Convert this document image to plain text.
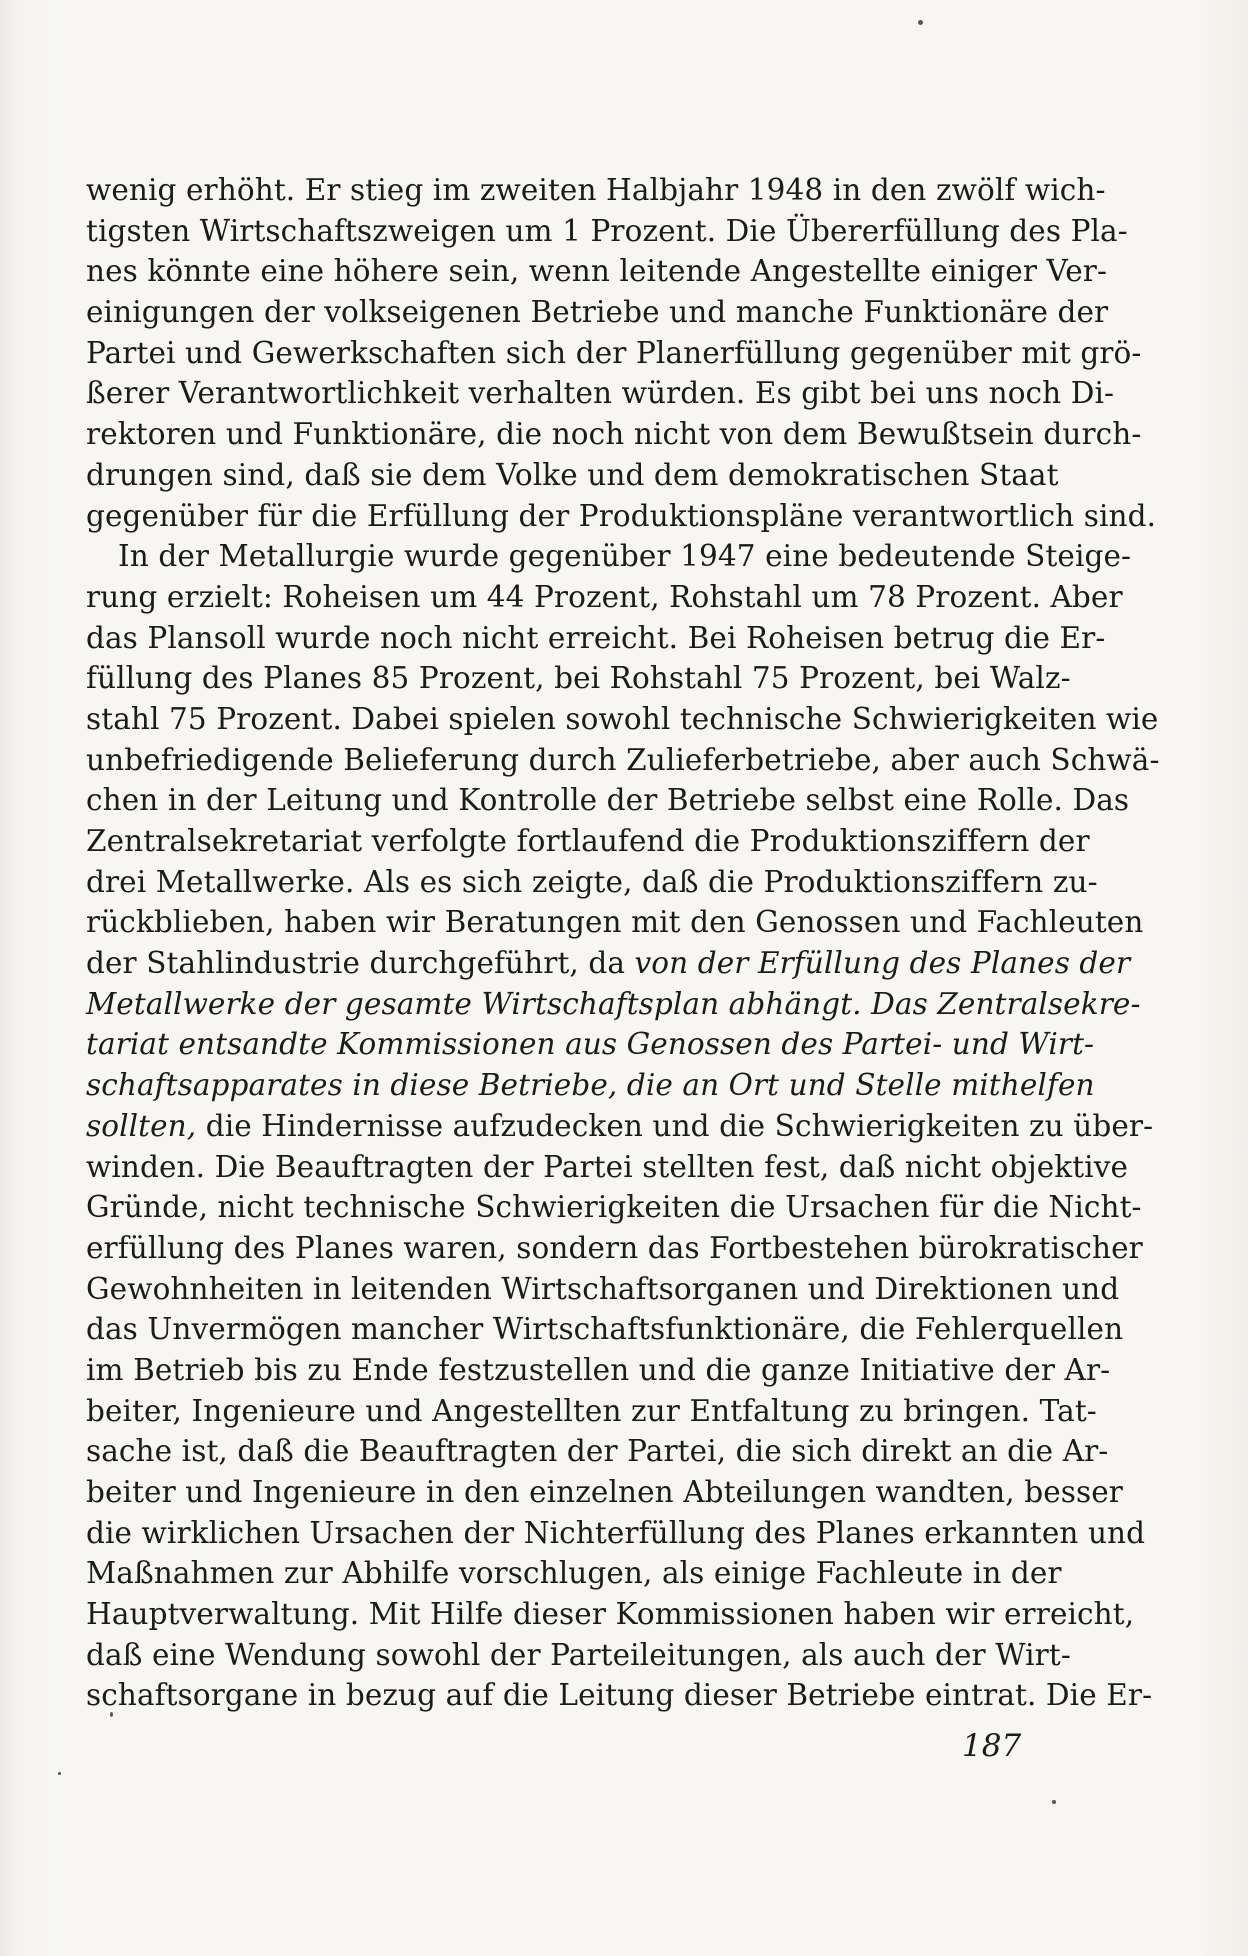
wenig erhöht. Er stieg im zweiten Halbjahr 1948 in den zwölf wich-
tigsten Wirtschaftszweigen um 1 Prozent. Die Übererfüllung des Pla-
nes könnte eine höhere sein, wenn leitende Angestellte einiger Ver-
einigungen der volkseigenen Betriebe und manche Funktionäre der
Partei und Gewerkschaften sich der Planerfüllung gegenüber mit grö-
ßerer Verantwortlichkeit verhalten würden. Es gibt bei uns noch Di-
rektoren und Funktionäre, die noch nicht von dem Bewußtsein durch-
drungen sind, daß sie dem Volke und dem demokratischen Staat
gegenüber für die Erfüllung der Produktionspläne verantwortlich sind.
In der Metallurgie wurde gegenüber 1947 eine bedeutende Steige-
rung erzielt: Roheisen um 44 Prozent, Rohstahl um 78 Prozent. Aber
das Plansoll wurde noch nicht erreicht. Bei Roheisen betrug die Er-
füllung des Planes 85 Prozent, bei Rohstahl 75 Prozent, bei Walz-
stahl 75 Prozent. Dabei spielen sowohl technische Schwierigkeiten wie
unbefriedigende Belieferung durch Zulieferbetriebe, aber auch Schwä-
chen in der Leitung und Kontrolle der Betriebe selbst eine Rolle. Das
Zentralsekretariat verfolgte fortlaufend die Produktionsziffern der
drei Metallwerke. Als es sich zeigte, daß die Produktionsziffern zu-
rückblieben, haben wir Beratungen mit den Genossen und Fachleuten
der Stahlindustrie durchgeführt, da von der Erfüllung des Planes der
Metallwerke der gesamte Wirtschaftsplan abhängt. Das Zentralsekre-
tariat entsandte Kommissionen aus Genossen des Partei- und Wirt-
schaftsapparates in diese Betriebe, die an Ort und Stelle mithelfen
sollten, die Hindernisse aufzudecken und die Schwierigkeiten zu über-
winden. Die Beauftragten der Partei stellten fest, daß nicht objektive
Gründe, nicht technische Schwierigkeiten die Ursachen für die Nicht-
erfüllung des Planes waren, sondern das Fortbestehen bürokratischer
Gewohnheiten in leitenden Wirtschaftsorganen und Direktionen und
das Unvermögen mancher Wirtschaftsfunktionäre, die Fehlerquellen
im Betrieb bis zu Ende festzustellen und die ganze Initiative der Ar-
beiter, Ingenieure und Angestellten zur Entfaltung zu bringen. Tat-
sache ist, daß die Beauftragten der Partei, die sich direkt an die Ar-
beiter und Ingenieure in den einzelnen Abteilungen wandten, besser
die wirklichen Ursachen der Nichterfüllung des Planes erkannten und
Maßnahmen zur Abhilfe vorschlugen, als einige Fachleute in der
Hauptverwaltung. Mit Hilfe dieser Kommissionen haben wir erreicht,
daß eine Wendung sowohl der Parteileitungen, als auch der Wirt-
schaftsorgane in bezug auf die Leitung dieser Betriebe eintrat. Die Er-
187
